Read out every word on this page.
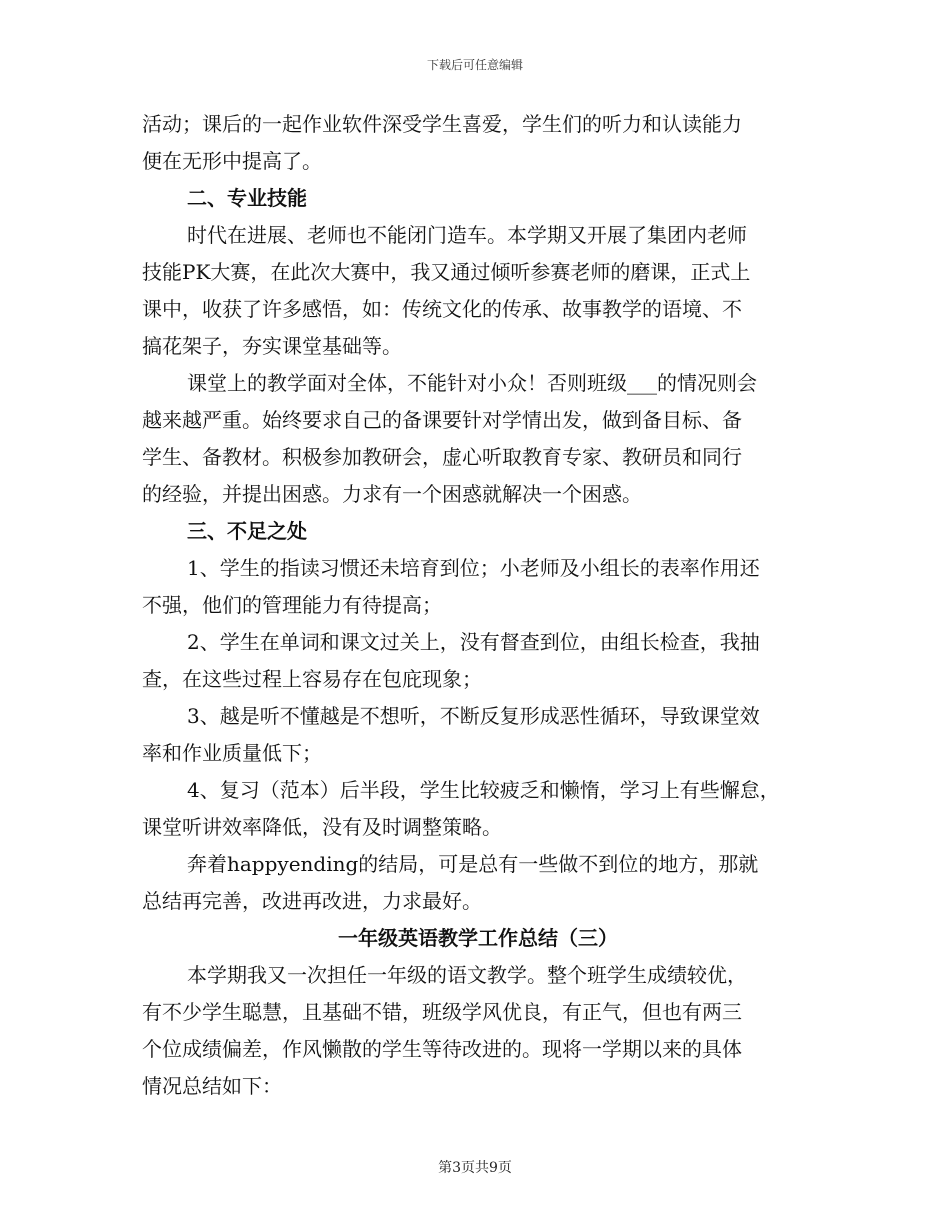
下载后可任意编辑
活动；课后的一起作业软件深受学生喜爱，学生们的听力和认读能力
便在无形中提高了。
二、专业技能
时代在进展、老师也不能闭门造车。本学期又开展了集团内老师
技能PK大赛，在此次大赛中，我又通过倾听参赛老师的磨课，正式上
课中，收获了许多感悟，如：传统文化的传承、故事教学的语境、不
搞花架子，夯实课堂基础等。
课堂上的教学面对全体，不能针对小众！否则班级___的情况则会
越来越严重。始终要求自己的备课要针对学情出发，做到备目标、备
学生、备教材。积极参加教研会，虚心听取教育专家、教研员和同行
的经验，并提出困惑。力求有一个困惑就解决一个困惑。
三、不足之处
1、学生的指读习惯还未培育到位；小老师及小组长的表率作用还
不强，他们的管理能力有待提高；
2、学生在单词和课文过关上，没有督查到位，由组长检查，我抽
查，在这些过程上容易存在包庇现象；
3、越是听不懂越是不想听，不断反复形成恶性循环，导致课堂效
率和作业质量低下；
4、复习（范本）后半段，学生比较疲乏和懒惰，学习上有些懈怠，
课堂听讲效率降低，没有及时调整策略。
奔着happyending的结局，可是总有一些做不到位的地方，那就
总结再完善，改进再改进，力求最好。
一年级英语教学工作总结（三）
本学期我又一次担任一年级的语文教学。整个班学生成绩较优，
有不少学生聪慧，且基础不错，班级学风优良，有正气，但也有两三
个位成绩偏差，作风懒散的学生等待改进的。现将一学期以来的具体
情况总结如下：
第3页共9页
